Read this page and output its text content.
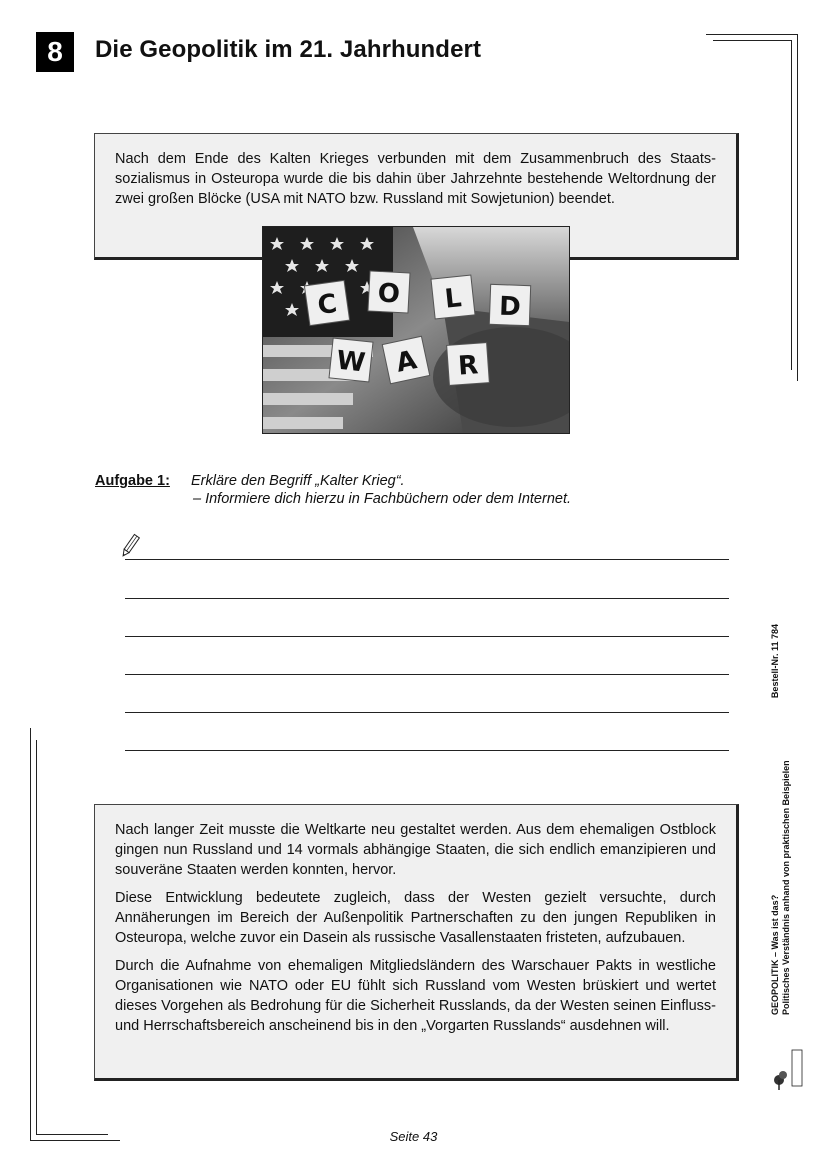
8	Die Geopolitik im 21. Jahrhundert

Nach dem Ende des Kalten Krieges verbunden mit dem Zusammenbruch des Staatssozialismus in Osteuropa wurde die bis dahin über Jahrzehnte bestehende Weltordnung der zwei großen Blöcke (USA mit NATO bzw. Russland mit Sowjetunion) beendet.

C O L D
W A R
Aufgabe 1: Erkläre den Begriff „Kalter Krieg“.
– Informiere dich hierzu in Fachbüchern oder dem Internet.

Nach langer Zeit musste die Weltkarte neu gestaltet werden. Aus dem ehemaligen Ostblock gingen nun Russland und 14 vormals abhängige Staaten, die sich endlich emanzipieren und souveräne Staaten werden konnten, hervor.

Diese Entwicklung bedeutete zugleich, dass der Westen gezielt versuchte, durch Annäherungen im Bereich der Außenpolitik Partnerschaften zu den jungen Republiken in Osteuropa, welche zuvor ein Dasein als russische Vasallenstaaten fristeten, aufzubauen.

Durch die Aufnahme von ehemaligen Mitgliedsländern des Warschauer Pakts in westliche Organisationen wie NATO oder EU fühlt sich Russland vom Westen brüskiert und wertet dieses Vorgehen als Bedrohung für die Sicherheit Russlands, da der Westen seinen Einfluss- und Herrschaftsbereich anscheinend bis in den „Vorgarten Russlands“ ausdehnen will.

GEOPOLITIK – Was ist das?
Bestell-Nr. 11 784
Politisches Verständnis anhand von praktischen Beispielen
Seite 43
